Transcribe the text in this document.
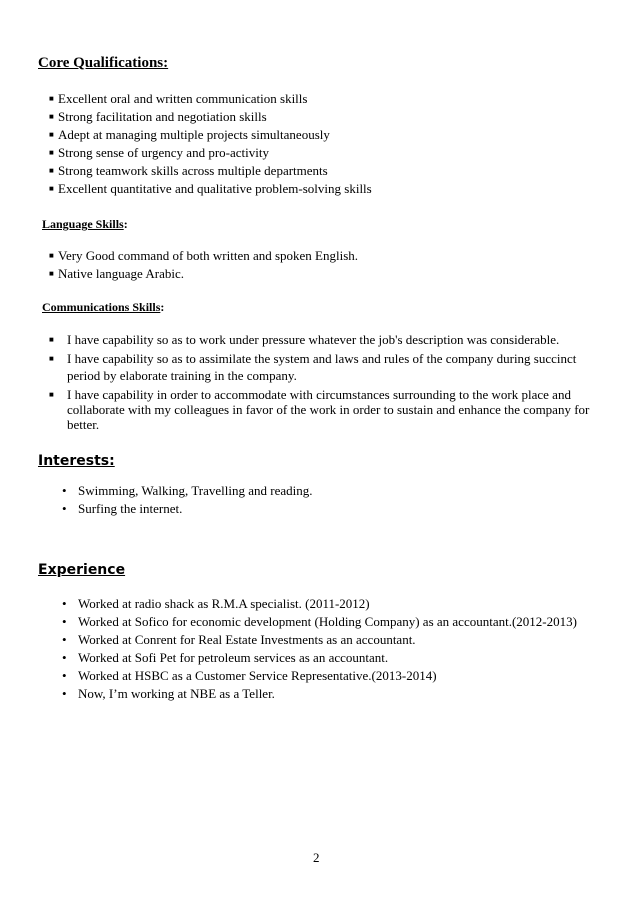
Core Qualifications:
■ Excellent oral and written communication skills
■ Strong facilitation and negotiation skills
■ Adept at managing multiple projects simultaneously
■ Strong sense of urgency and pro-activity
■ Strong teamwork skills across multiple departments
■ Excellent quantitative and qualitative problem-solving skills
Language Skills:
■ Very Good command of both written and spoken English.
■ Native language Arabic.
Communications Skills:
■ I have capability so as to work under pressure whatever the job's description was considerable.
■ I have capability so as to assimilate the system and laws and rules of the company during succinct period by elaborate training in the company.
■ I have capability in order to accommodate with circumstances surrounding to the work place and collaborate with my colleagues in favor of the work in order to sustain and enhance the company for better.
Interests:
• Swimming, Walking, Travelling and reading.
• Surfing the internet.
Experience
• Worked at radio shack as R.M.A specialist. (2011-2012)
• Worked at Sofico for economic development (Holding Company) as an accountant.(2012-2013)
• Worked at Conrent for Real Estate Investments as an accountant.
• Worked at Sofi Pet for petroleum services as an accountant.
• Worked at HSBC as a Customer Service Representative.(2013-2014)
• Now, I’m working at NBE as a Teller.
2
